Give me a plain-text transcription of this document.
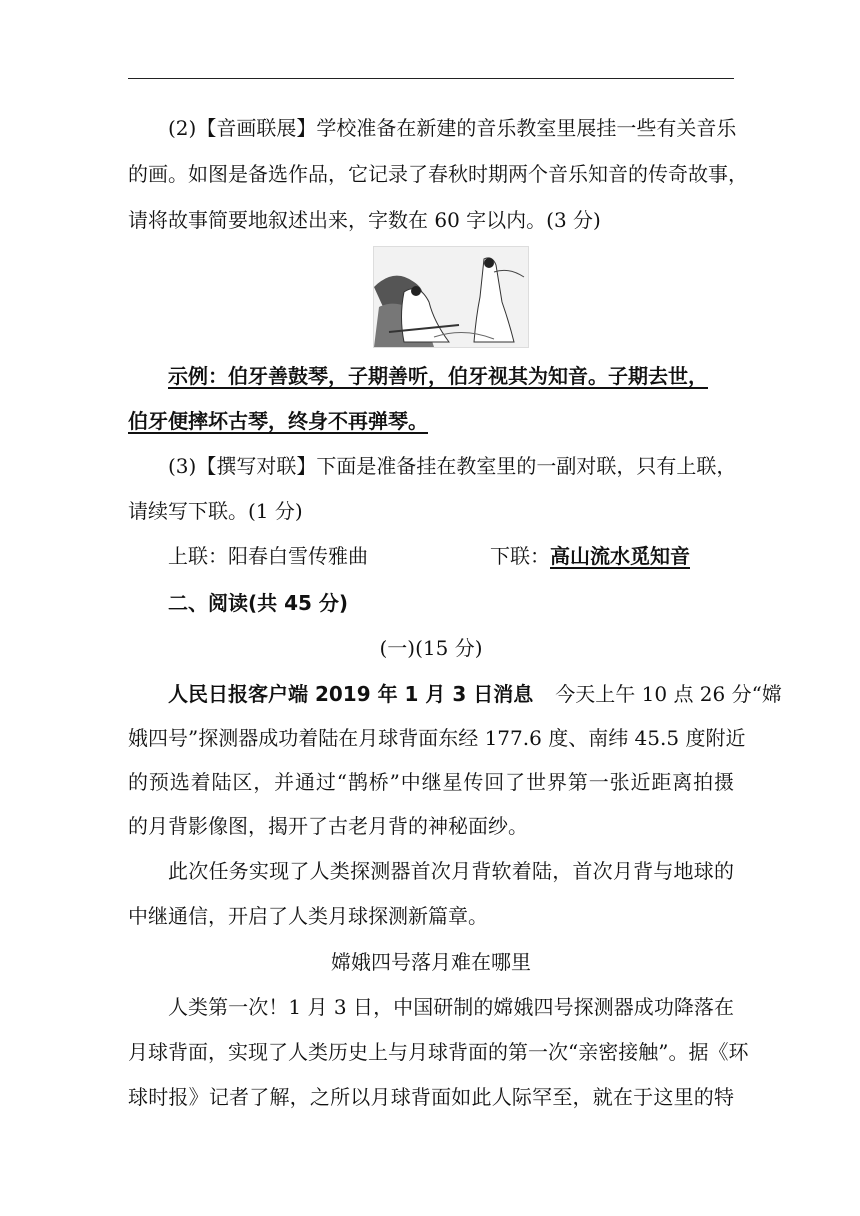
(2)【音画联展】学校准备在新建的音乐教室里展挂一些有关音乐
的画。如图是备选作品，它记录了春秋时期两个音乐知音的传奇故事，
请将故事简要地叙述出来，字数在 60 字以内。(3 分)
示例：伯牙善鼓琴，子期善听，伯牙视其为知音。子期去世，
伯牙便摔坏古琴，终身不再弹琴。
(3)【撰写对联】下面是准备挂在教室里的一副对联，只有上联，
请续写下联。(1 分)
上联：阳春白雪传雅曲	下联：高山流水觅知音
二、阅读(共 45 分)
(一)(15 分)
人民日报客户端 2019 年 1 月 3 日消息 今天上午 10 点 26 分“嫦
娥四号”探测器成功着陆在月球背面东经 177.6 度、南纬 45.5 度附近
的预选着陆区，并通过“鹊桥”中继星传回了世界第一张近距离拍摄
的月背影像图，揭开了古老月背的神秘面纱。
此次任务实现了人类探测器首次月背软着陆，首次月背与地球的
中继通信，开启了人类月球探测新篇章。
嫦娥四号落月难在哪里
人类第一次！1 月 3 日，中国研制的嫦娥四号探测器成功降落在
月球背面，实现了人类历史上与月球背面的第一次“亲密接触”。据《环
球时报》记者了解，之所以月球背面如此人际罕至，就在于这里的特
